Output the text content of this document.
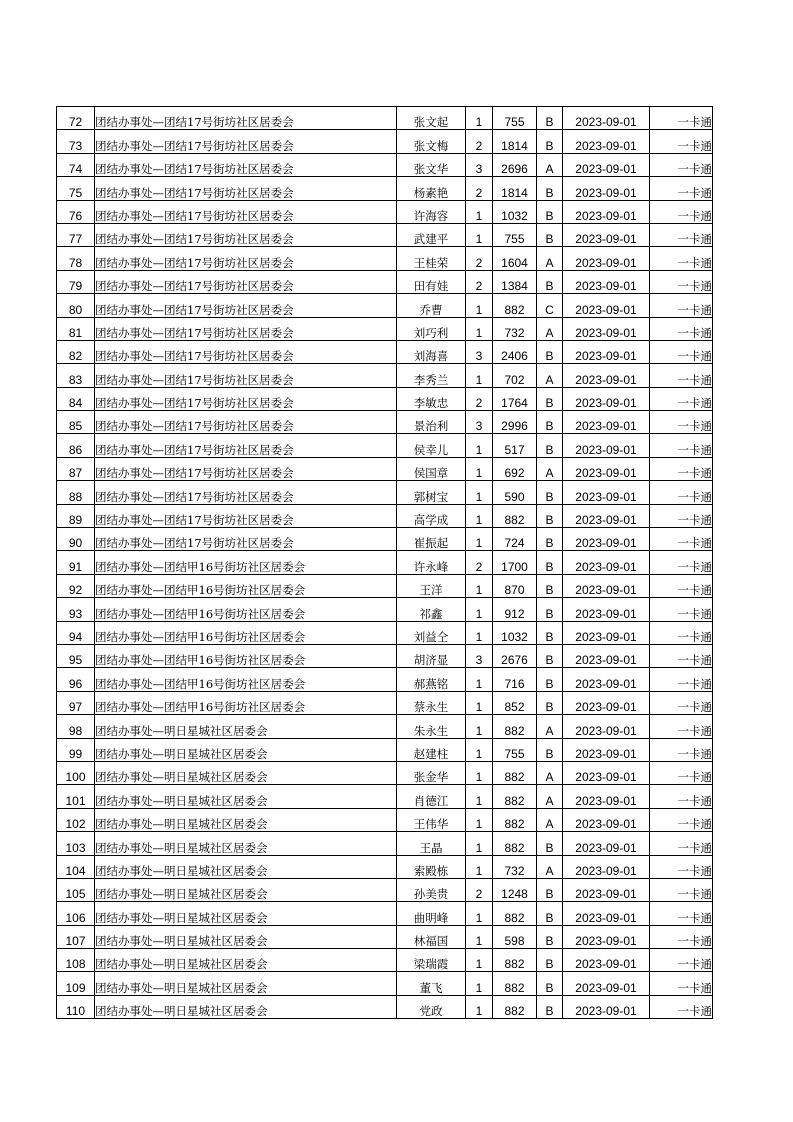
72	团结办事处—团结17号街坊社区居委会	张文起	1	755	B	2023-09-01	一卡通
73	团结办事处—团结17号街坊社区居委会	张文梅	2	1814	B	2023-09-01	一卡通
74	团结办事处—团结17号街坊社区居委会	张文华	3	2696	A	2023-09-01	一卡通
75	团结办事处—团结17号街坊社区居委会	杨素艳	2	1814	B	2023-09-01	一卡通
76	团结办事处—团结17号街坊社区居委会	许海容	1	1032	B	2023-09-01	一卡通
77	团结办事处—团结17号街坊社区居委会	武建平	1	755	B	2023-09-01	一卡通
78	团结办事处—团结17号街坊社区居委会	王桂荣	2	1604	A	2023-09-01	一卡通
79	团结办事处—团结17号街坊社区居委会	田有娃	2	1384	B	2023-09-01	一卡通
80	团结办事处—团结17号街坊社区居委会	乔曹	1	882	C	2023-09-01	一卡通
81	团结办事处—团结17号街坊社区居委会	刘巧利	1	732	A	2023-09-01	一卡通
82	团结办事处—团结17号街坊社区居委会	刘海喜	3	2406	B	2023-09-01	一卡通
83	团结办事处—团结17号街坊社区居委会	李秀兰	1	702	A	2023-09-01	一卡通
84	团结办事处—团结17号街坊社区居委会	李敏忠	2	1764	B	2023-09-01	一卡通
85	团结办事处—团结17号街坊社区居委会	景治利	3	2996	B	2023-09-01	一卡通
86	团结办事处—团结17号街坊社区居委会	侯幸儿	1	517	B	2023-09-01	一卡通
87	团结办事处—团结17号街坊社区居委会	侯国章	1	692	A	2023-09-01	一卡通
88	团结办事处—团结17号街坊社区居委会	郭树宝	1	590	B	2023-09-01	一卡通
89	团结办事处—团结17号街坊社区居委会	高学成	1	882	B	2023-09-01	一卡通
90	团结办事处—团结17号街坊社区居委会	崔振起	1	724	B	2023-09-01	一卡通
91	团结办事处—团结甲16号街坊社区居委会	许永峰	2	1700	B	2023-09-01	一卡通
92	团结办事处—团结甲16号街坊社区居委会	王洋	1	870	B	2023-09-01	一卡通
93	团结办事处—团结甲16号街坊社区居委会	祁鑫	1	912	B	2023-09-01	一卡通
94	团结办事处—团结甲16号街坊社区居委会	刘益仝	1	1032	B	2023-09-01	一卡通
95	团结办事处—团结甲16号街坊社区居委会	胡济显	3	2676	B	2023-09-01	一卡通
96	团结办事处—团结甲16号街坊社区居委会	郝燕铭	1	716	B	2023-09-01	一卡通
97	团结办事处—团结甲16号街坊社区居委会	蔡永生	1	852	B	2023-09-01	一卡通
98	团结办事处—明日星城社区居委会	朱永生	1	882	A	2023-09-01	一卡通
99	团结办事处—明日星城社区居委会	赵建柱	1	755	B	2023-09-01	一卡通
100	团结办事处—明日星城社区居委会	张金华	1	882	A	2023-09-01	一卡通
101	团结办事处—明日星城社区居委会	肖德江	1	882	A	2023-09-01	一卡通
102	团结办事处—明日星城社区居委会	王伟华	1	882	A	2023-09-01	一卡通
103	团结办事处—明日星城社区居委会	王晶	1	882	B	2023-09-01	一卡通
104	团结办事处—明日星城社区居委会	索殿栋	1	732	A	2023-09-01	一卡通
105	团结办事处—明日星城社区居委会	孙美贵	2	1248	B	2023-09-01	一卡通
106	团结办事处—明日星城社区居委会	曲明峰	1	882	B	2023-09-01	一卡通
107	团结办事处—明日星城社区居委会	林福国	1	598	B	2023-09-01	一卡通
108	团结办事处—明日星城社区居委会	梁瑞霞	1	882	B	2023-09-01	一卡通
109	团结办事处—明日星城社区居委会	董飞	1	882	B	2023-09-01	一卡通
110	团结办事处—明日星城社区居委会	党政	1	882	B	2023-09-01	一卡通
